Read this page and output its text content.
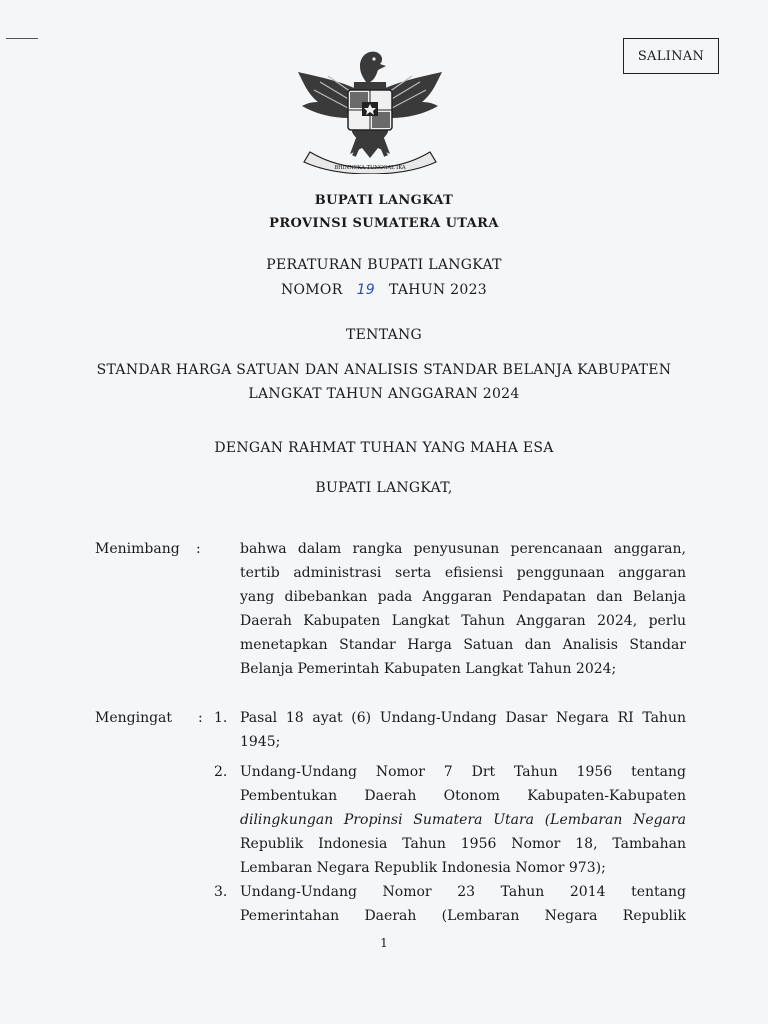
SALINAN
BHINNEKA TUNGGAL IKA
BUPATI LANGKAT
PROVINSI SUMATERA UTARA
PERATURAN BUPATI LANGKAT
NOMOR 19 TAHUN 2023
TENTANG
STANDAR HARGA SATUAN DAN ANALISIS STANDAR BELANJA KABUPATEN
LANGKAT TAHUN ANGGARAN 2024
DENGAN RAHMAT TUHAN YANG MAHA ESA
BUPATI LANGKAT,
Menimbang :	bahwa dalam rangka penyusunan perencanaan anggaran,
tertib administrasi serta efisiensi penggunaan anggaran
yang dibebankan pada Anggaran Pendapatan dan Belanja
Daerah Kabupaten Langkat Tahun Anggaran 2024, perlu
menetapkan Standar Harga Satuan dan Analisis Standar
Belanja Pemerintah Kabupaten Langkat Tahun 2024;
Mengingat : 1. Pasal 18 ayat (6) Undang-Undang Dasar Negara RI Tahun
1945;
2. Undang-Undang Nomor 7 Drt Tahun 1956 tentang
Pembentukan Daerah Otonom Kabupaten-Kabupaten
dilingkungan Propinsi Sumatera Utara (Lembaran Negara
Republik Indonesia Tahun 1956 Nomor 18, Tambahan
Lembaran Negara Republik Indonesia Nomor 973);
3. Undang-Undang Nomor 23 Tahun 2014 tentang
Pemerintahan Daerah (Lembaran Negara Republik
1
